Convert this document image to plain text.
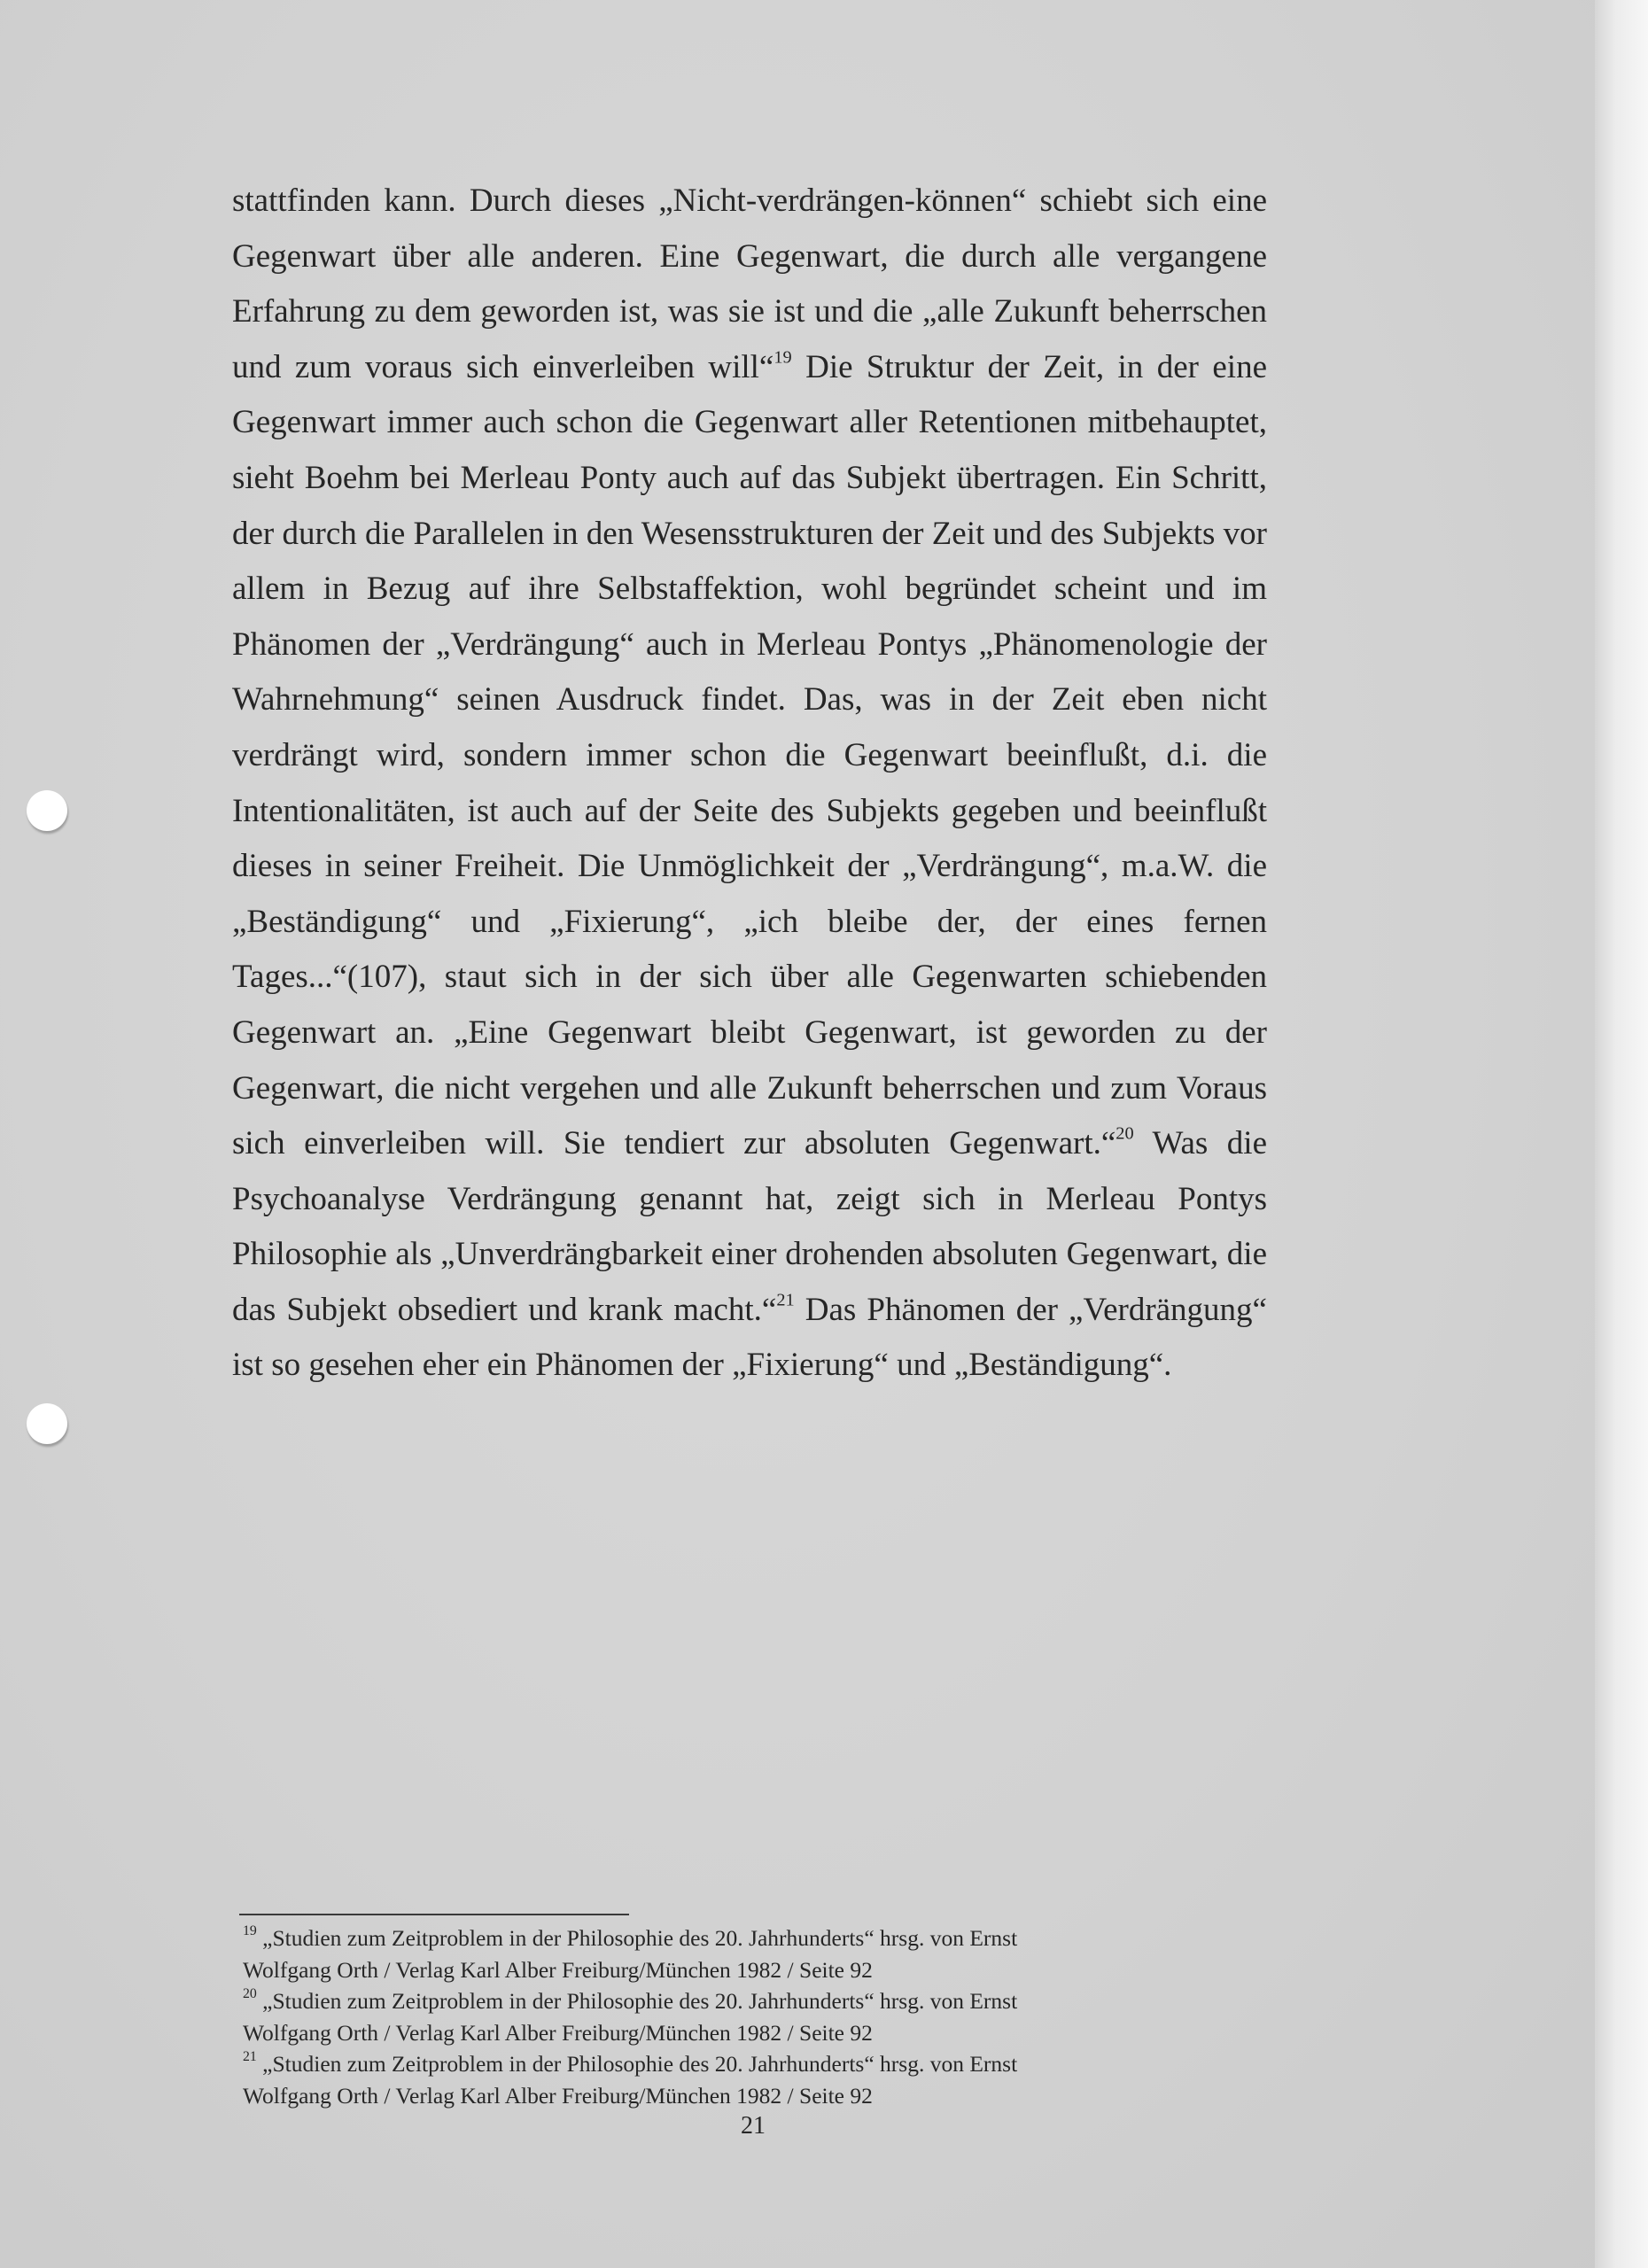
stattfinden kann. Durch dieses „Nicht-verdrängen-können“ schiebt sich eine
Gegenwart über alle anderen. Eine Gegenwart, die durch alle vergangene
Erfahrung zu dem geworden ist, was sie ist und die „alle Zukunft beherrschen
und zum voraus sich einverleiben will“$^{19}$ Die Struktur der Zeit, in der eine
Gegenwart immer auch schon die Gegenwart aller Retentionen mitbehauptet,
sieht Boehm bei Merleau Ponty auch auf das Subjekt übertragen. Ein Schritt,
der durch die Parallelen in den Wesensstrukturen der Zeit und des Subjekts vor
allem in Bezug auf ihre Selbstaffektion, wohl begründet scheint und im
Phänomen der „Verdrängung“ auch in Merleau Pontys „Phänomenologie der
Wahrnehmung“ seinen Ausdruck findet. Das, was in der Zeit eben nicht
verdrängt wird, sondern immer schon die Gegenwart beeinflußt, d.i. die
Intentionalitäten, ist auch auf der Seite des Subjekts gegeben und beeinflußt
dieses in seiner Freiheit. Die Unmöglichkeit der „Verdrängung“, m.a.W. die
„Beständigung“ und „Fixierung“, „ich bleibe der, der eines fernen
Tages...“(107), staut sich in der sich über alle Gegenwarten schiebenden
Gegenwart an. „Eine Gegenwart bleibt Gegenwart, ist geworden zu der
Gegenwart, die nicht vergehen und alle Zukunft beherrschen und zum Voraus
sich einverleiben will. Sie tendiert zur absoluten Gegenwart.“$^{20}$ Was die
Psychoanalyse Verdrängung genannt hat, zeigt sich in Merleau Pontys
Philosophie als „Unverdrängbarkeit einer drohenden absoluten Gegenwart, die
das Subjekt obsediert und krank macht.“$^{21}$ Das Phänomen der „Verdrängung“
ist so gesehen eher ein Phänomen der „Fixierung“ und „Beständigung“.
$^{19}$ „Studien zum Zeitproblem in der Philosophie des 20. Jahrhunderts“ hrsg. von Ernst
Wolfgang Orth / Verlag Karl Alber Freiburg/München 1982 / Seite 92
$^{20}$ „Studien zum Zeitproblem in der Philosophie des 20. Jahrhunderts“ hrsg. von Ernst
Wolfgang Orth / Verlag Karl Alber Freiburg/München 1982 / Seite 92
$^{21}$ „Studien zum Zeitproblem in der Philosophie des 20. Jahrhunderts“ hrsg. von Ernst
Wolfgang Orth / Verlag Karl Alber Freiburg/München 1982 / Seite 92
21
